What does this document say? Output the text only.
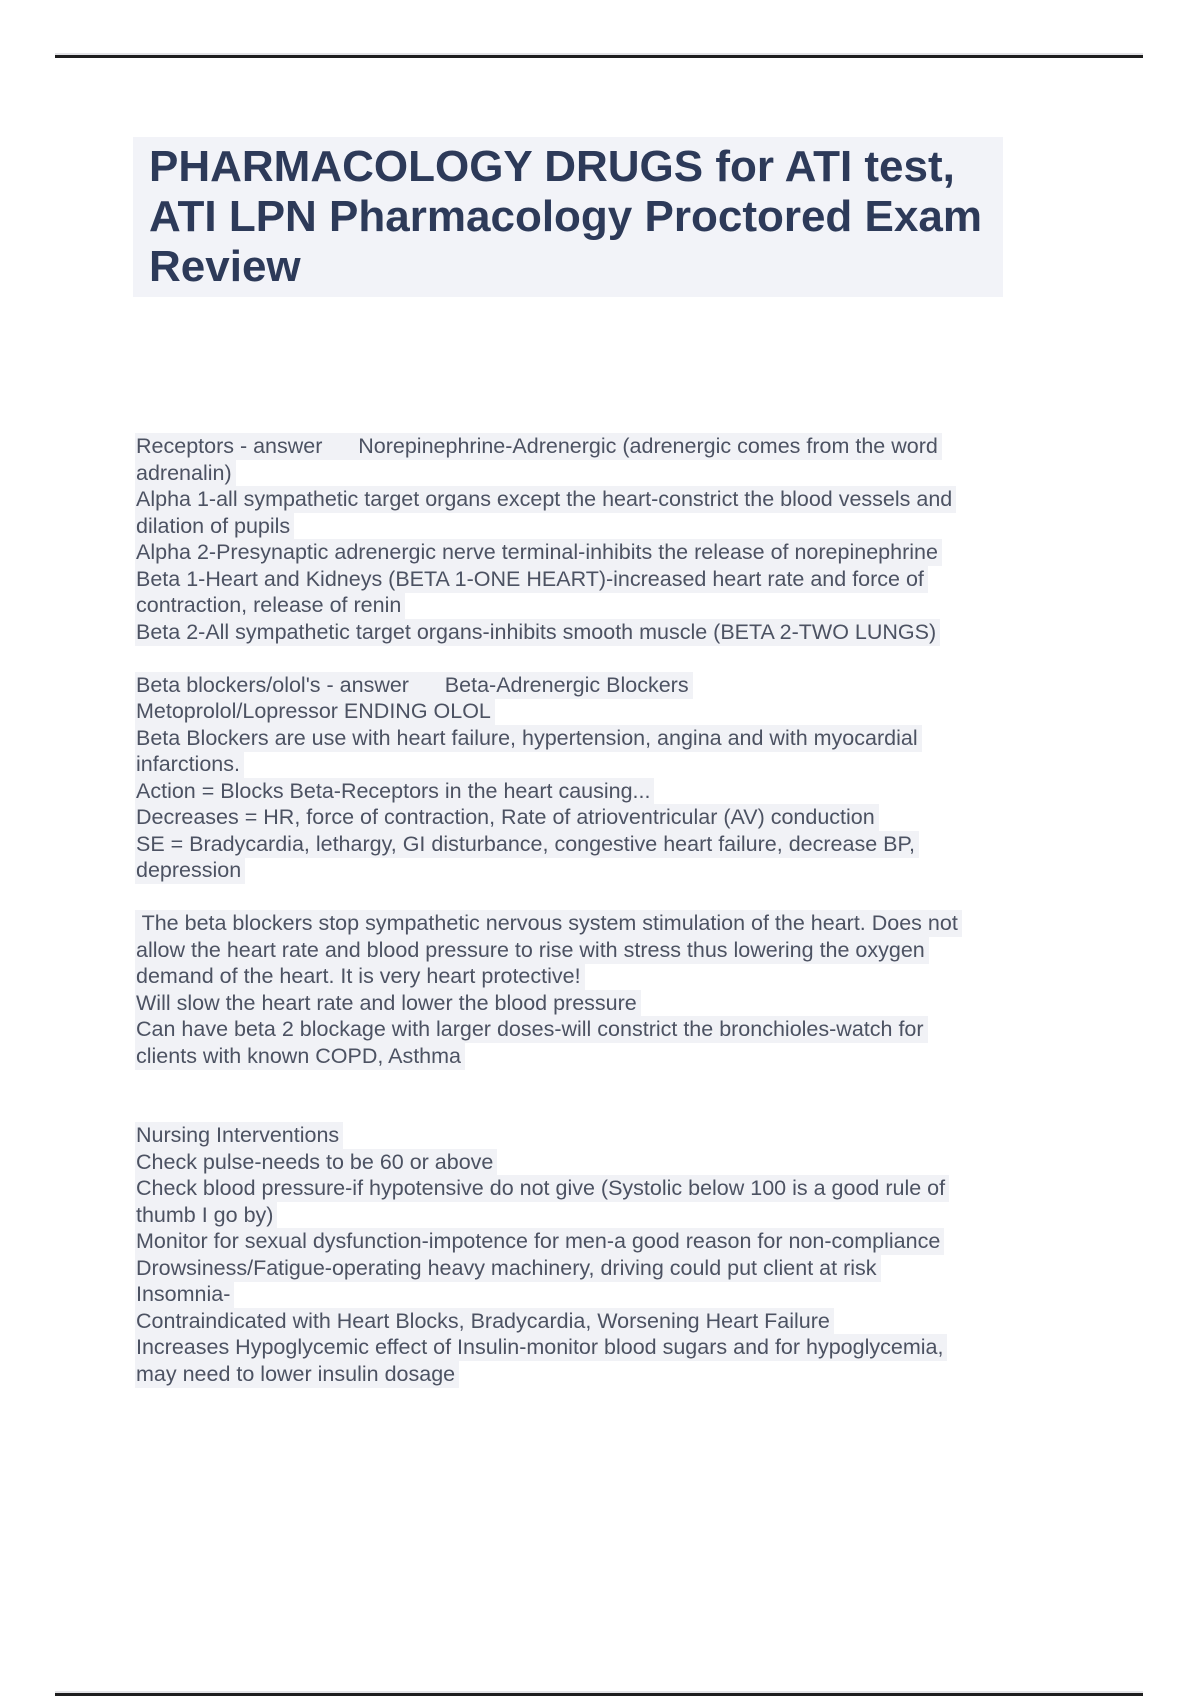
PHARMACOLOGY DRUGS for ATI test,
ATI LPN Pharmacology Proctored Exam
Review
Receptors - answer      Norepinephrine-Adrenergic (adrenergic comes from the word
adrenalin)
Alpha 1-all sympathetic target organs except the heart-constrict the blood vessels and
dilation of pupils
Alpha 2-Presynaptic adrenergic nerve terminal-inhibits the release of norepinephrine
Beta 1-Heart and Kidneys (BETA 1-ONE HEART)-increased heart rate and force of
contraction, release of renin
Beta 2-All sympathetic target organs-inhibits smooth muscle (BETA 2-TWO LUNGS)
Beta blockers/olol's - answer      Beta-Adrenergic Blockers
Metoprolol/Lopressor ENDING OLOL
Beta Blockers are use with heart failure, hypertension, angina and with myocardial
infarctions.
Action = Blocks Beta-Receptors in the heart causing...
Decreases = HR, force of contraction, Rate of atrioventricular (AV) conduction
SE = Bradycardia, lethargy, GI disturbance, congestive heart failure, decrease BP,
depression
The beta blockers stop sympathetic nervous system stimulation of the heart. Does not
allow the heart rate and blood pressure to rise with stress thus lowering the oxygen
demand of the heart. It is very heart protective!
Will slow the heart rate and lower the blood pressure
Can have beta 2 blockage with larger doses-will constrict the bronchioles-watch for
clients with known COPD, Asthma
Nursing Interventions
Check pulse-needs to be 60 or above
Check blood pressure-if hypotensive do not give (Systolic below 100 is a good rule of
thumb I go by)
Monitor for sexual dysfunction-impotence for men-a good reason for non-compliance
Drowsiness/Fatigue-operating heavy machinery, driving could put client at risk
Insomnia-
Contraindicated with Heart Blocks, Bradycardia, Worsening Heart Failure
Increases Hypoglycemic effect of Insulin-monitor blood sugars and for hypoglycemia,
may need to lower insulin dosage
